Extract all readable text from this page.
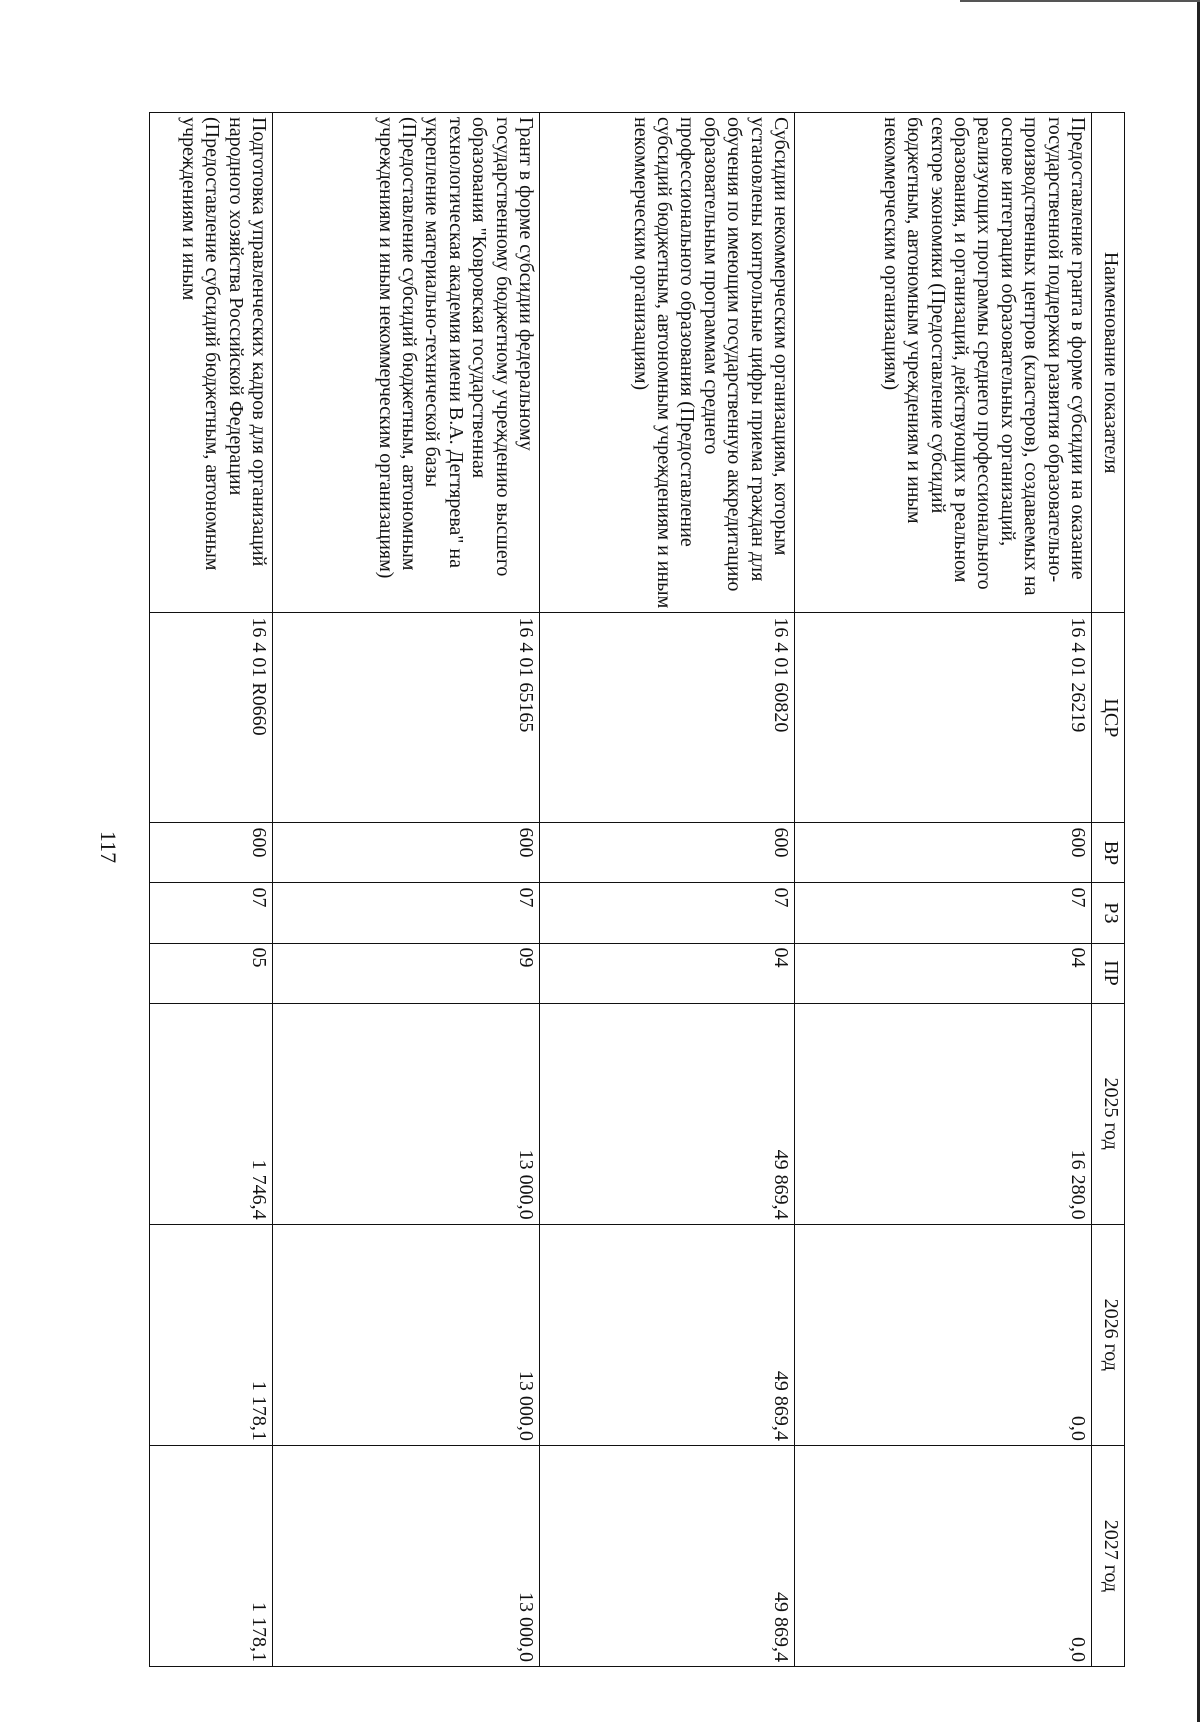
117
Наименование показателя	ЦСР	ВР	РЗ	ПР	2025 год	2026 год	2027 год
Предоставление гранта в форме субсидии на оказание государственной поддержки развития образовательно-производственных центров (кластеров), создаваемых на основе интеграции образовательных организаций, реализующих программы среднего профессионального образования, и организаций, действующих в реальном секторе экономики (Предоставление субсидий бюджетным, автономным учреждениям и иным некоммерческим организациям)	16 4 01 26219	600	07	04	16 280,0	0,0	0,0
Субсидии некоммерческим организациям, которым установлены контрольные цифры приема граждан для обучения по имеющим государственную аккредитацию образовательным программам среднего профессионального образования (Предоставление субсидий бюджетным, автономным учреждениям и иным некоммерческим организациям)	16 4 01 60820	600	07	04	49 869,4	49 869,4	49 869,4
Грант в форме субсидии федеральному государственному бюджетному учреждению высшего образования "Ковровская государственная технологическая академия имени В.А. Дегтярева" на укрепление материально-технической базы (Предоставление субсидий бюджетным, автономным учреждениям и иным некоммерческим организациям)	16 4 01 65165	600	07	09	13 000,0	13 000,0	13 000,0
Подготовка управленческих кадров для организаций народного хозяйства Российской Федерации (Предоставление субсидий бюджетным, автономным учреждениям и иным	16 4 01 R0660	600	07	05	1 746,4	1 178,1	1 178,1
